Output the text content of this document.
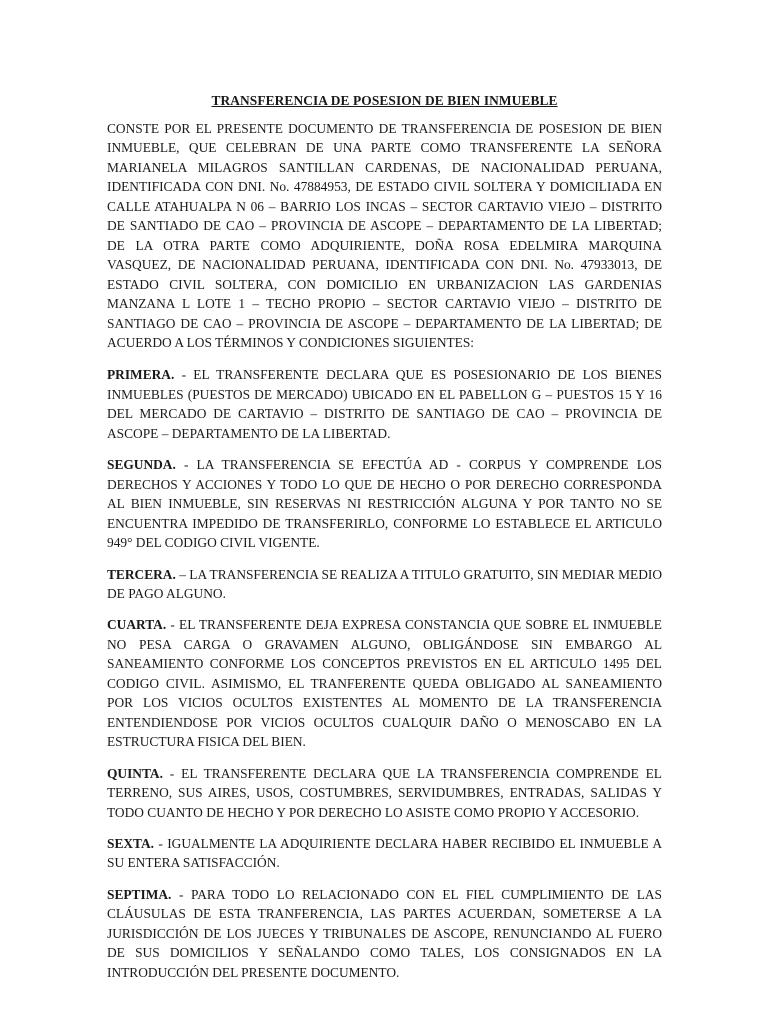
TRANSFERENCIA DE POSESION DE BIEN INMUEBLE

CONSTE POR EL PRESENTE DOCUMENTO DE TRANSFERENCIA DE POSESION DE BIEN INMUEBLE, QUE CELEBRAN DE UNA PARTE COMO TRANSFERENTE LA SEÑORA MARIANELA MILAGROS SANTILLAN CARDENAS, DE NACIONALIDAD PERUANA, IDENTIFICADA CON DNI. No. 47884953, DE ESTADO CIVIL SOLTERA Y DOMICILIADA EN CALLE ATAHUALPA N 06 – BARRIO LOS INCAS – SECTOR CARTAVIO VIEJO – DISTRITO DE SANTIADO DE CAO – PROVINCIA DE ASCOPE – DEPARTAMENTO DE LA LIBERTAD; DE LA OTRA PARTE COMO ADQUIRIENTE, DOÑA ROSA EDELMIRA MARQUINA VASQUEZ, DE NACIONALIDAD PERUANA, IDENTIFICADA CON DNI. No. 47933013, DE ESTADO CIVIL SOLTERA, CON DOMICILIO EN URBANIZACION LAS GARDENIAS MANZANA L LOTE 1 – TECHO PROPIO – SECTOR CARTAVIO VIEJO – DISTRITO DE SANTIAGO DE CAO – PROVINCIA DE ASCOPE – DEPARTAMENTO DE LA LIBERTAD; DE ACUERDO A LOS TÉRMINOS Y CONDICIONES SIGUIENTES:

PRIMERA. - EL TRANSFERENTE DECLARA QUE ES POSESIONARIO DE LOS BIENES INMUEBLES (PUESTOS DE MERCADO) UBICADO EN EL PABELLON G – PUESTOS 15 Y 16 DEL MERCADO DE CARTAVIO – DISTRITO DE SANTIAGO DE CAO – PROVINCIA DE ASCOPE – DEPARTAMENTO DE LA LIBERTAD.

SEGUNDA. - LA TRANSFERENCIA SE EFECTÚA AD - CORPUS Y COMPRENDE LOS DERECHOS Y ACCIONES Y TODO LO QUE DE HECHO O POR DERECHO CORRESPONDA AL BIEN INMUEBLE, SIN RESERVAS NI RESTRICCIÓN ALGUNA Y POR TANTO NO SE ENCUENTRA IMPEDIDO DE TRANSFERIRLO, CONFORME LO ESTABLECE EL ARTICULO 949° DEL CODIGO CIVIL VIGENTE.

TERCERA. – LA TRANSFERENCIA SE REALIZA A TITULO GRATUITO, SIN MEDIAR MEDIO DE PAGO ALGUNO.

CUARTA. - EL TRANSFERENTE DEJA EXPRESA CONSTANCIA QUE SOBRE EL INMUEBLE NO PESA CARGA O GRAVAMEN ALGUNO, OBLIGÁNDOSE SIN EMBARGO AL SANEAMIENTO CONFORME LOS CONCEPTOS PREVISTOS EN EL ARTICULO 1495 DEL CODIGO CIVIL. ASIMISMO, EL TRANFERENTE QUEDA OBLIGADO AL SANEAMIENTO POR LOS VICIOS OCULTOS EXISTENTES AL MOMENTO DE LA TRANSFERENCIA ENTENDIENDOSE POR VICIOS OCULTOS CUALQUIR DAÑO O MENOSCABO EN LA ESTRUCTURA FISICA DEL BIEN.

QUINTA. - EL TRANSFERENTE DECLARA QUE LA TRANSFERENCIA COMPRENDE EL TERRENO, SUS AIRES, USOS, COSTUMBRES, SERVIDUMBRES, ENTRADAS, SALIDAS Y TODO CUANTO DE HECHO Y POR DERECHO LO ASISTE COMO PROPIO Y ACCESORIO.

SEXTA. - IGUALMENTE LA ADQUIRIENTE DECLARA HABER RECIBIDO EL INMUEBLE A SU ENTERA SATISFACCIÓN.

SEPTIMA. - PARA TODO LO RELACIONADO CON EL FIEL CUMPLIMIENTO DE LAS CLÁUSULAS DE ESTA TRANFERENCIA, LAS PARTES ACUERDAN, SOMETERSE A LA JURISDICCIÓN DE LOS JUECES Y TRIBUNALES DE ASCOPE, RENUNCIANDO AL FUERO DE SUS DOMICILIOS Y SEÑALANDO COMO TALES, LOS CONSIGNADOS EN LA INTRODUCCIÓN DEL PRESENTE DOCUMENTO.
